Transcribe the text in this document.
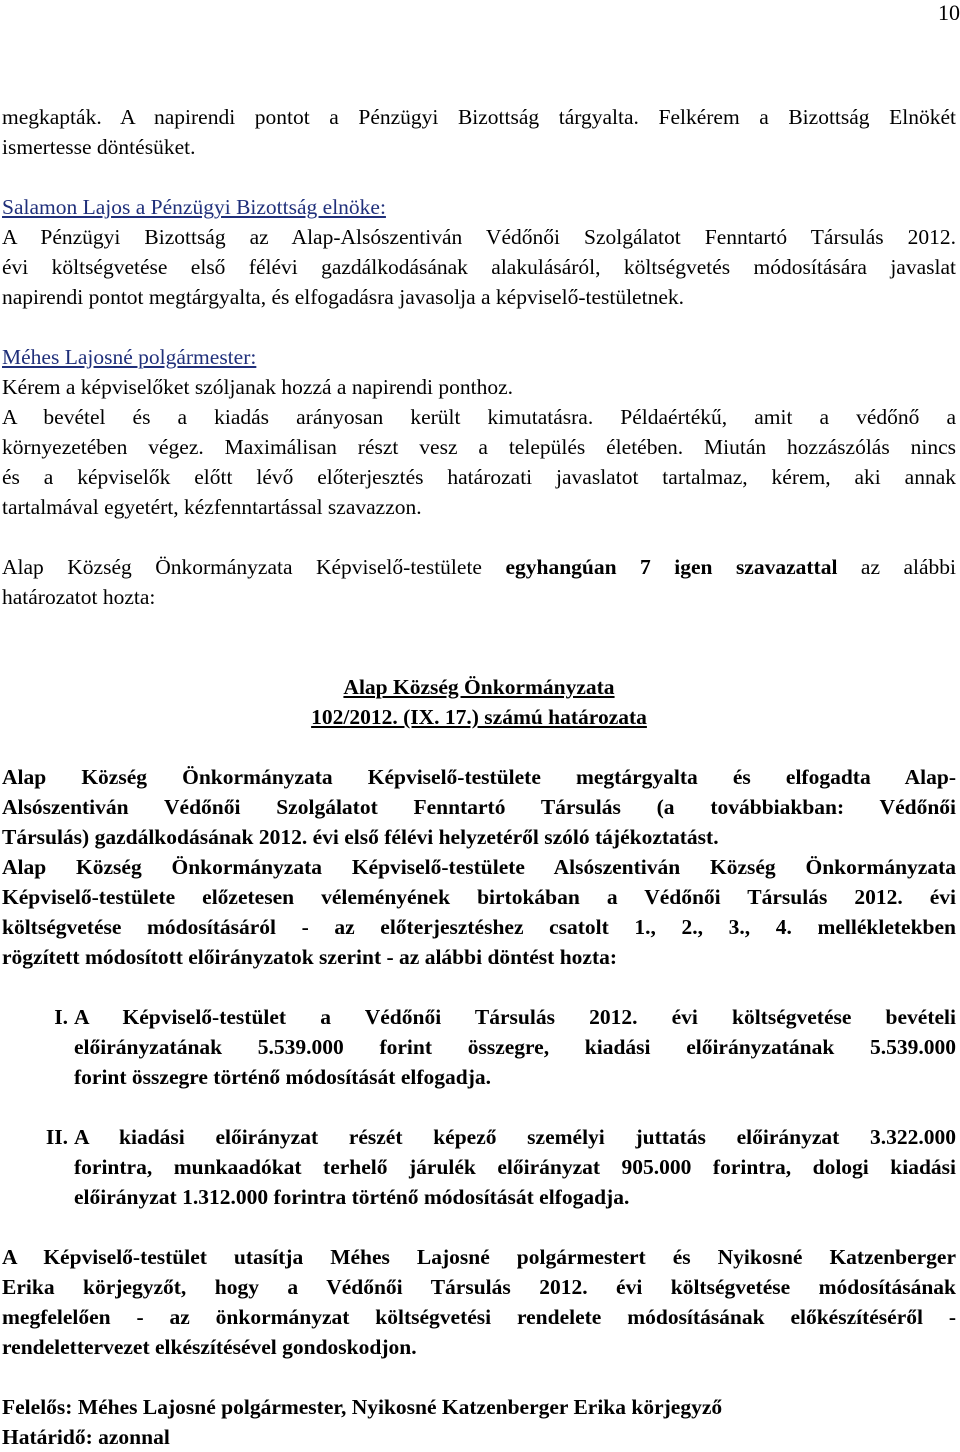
10

megkapták. A napirendi pontot a Pénzügyi Bizottság tárgyalta. Felkérem a Bizottság Elnökét
ismertesse döntésüket.

Salamon Lajos a Pénzügyi Bizottság elnöke:
A Pénzügyi Bizottság az Alap-Alsószentiván Védőnői Szolgálatot Fenntartó Társulás 2012.
évi költségvetése első félévi gazdálkodásának alakulásáról, költségvetés módosítására javaslat
napirendi pontot megtárgyalta, és elfogadásra javasolja a képviselő-testületnek.

Méhes Lajosné polgármester:
Kérem a képviselőket szóljanak hozzá a napirendi ponthoz.
A bevétel és a kiadás arányosan került kimutatásra. Példaértékű, amit a védőnő a
környezetében végez. Maximálisan részt vesz a település életében. Miután hozzászólás nincs
és a képviselők előtt lévő előterjesztés határozati javaslatot tartalmaz, kérem, aki annak
tartalmával egyetért, kézfenntartással szavazzon.

Alap Község Önkormányzata Képviselő-testülete egyhangúan 7 igen szavazattal az alábbi
határozatot hozta:

Alap Község Önkormányzata
102/2012. (IX. 17.) számú határozata

Alap Község Önkormányzata Képviselő-testülete megtárgyalta és elfogadta Alap-
Alsószentiván Védőnői Szolgálatot Fenntartó Társulás (a továbbiakban: Védőnői
Társulás) gazdálkodásának 2012. évi első félévi helyzetéről szóló tájékoztatást.

Alap Község Önkormányzata Képviselő-testülete Alsószentiván Község Önkormányzata
Képviselő-testülete előzetesen véleményének birtokában a Védőnői Társulás 2012. évi
költségvetése módosításáról - az előterjesztéshez csatolt 1., 2., 3., 4. mellékletekben
rögzített módosított előirányzatok szerint - az alábbi döntést hozta:

I. A Képviselő-testület a Védőnői Társulás 2012. évi költségvetése bevételi
előirányzatának 5.539.000 forint összegre, kiadási előirányzatának 5.539.000
forint összegre történő módosítását elfogadja.
II. A kiadási előirányzat részét képező személyi juttatás előirányzat 3.322.000
forintra, munkaadókat terhelő járulék előirányzat 905.000 forintra, dologi kiadási
előirányzat 1.312.000 forintra történő módosítását elfogadja.

A Képviselő-testület utasítja Méhes Lajosné polgármestert és Nyikosné Katzenberger
Erika körjegyzőt, hogy a Védőnői Társulás 2012. évi költségvetése módosításának
megfelelően - az önkormányzat költségvetési rendelete módosításának előkészítéséről -
rendelettervezet elkészítésével gondoskodjon.

Felelős: Méhes Lajosné polgármester, Nyikosné Katzenberger Erika körjegyző
Határidő: azonnal
